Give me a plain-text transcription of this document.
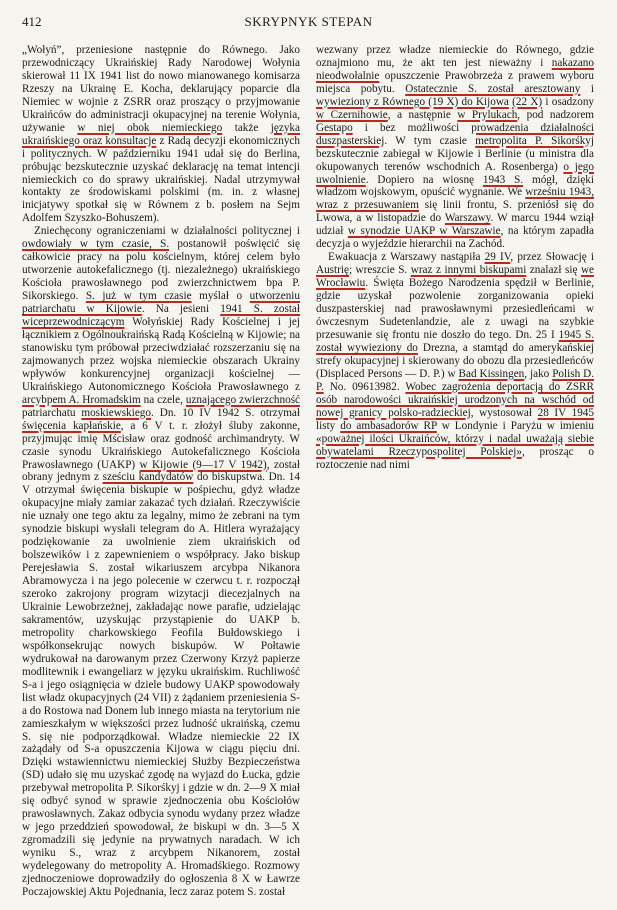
412	SKRYPNYK STEPAN

„Wołyń”, przeniesione następnie do Równego. Jako przewodniczący Ukraińskiej Rady Narodowej Wołynia skierował 11 IX 1941 list do nowo mianowanego komisarza Rzeszy na Ukrainę E. Kocha, deklarujący poparcie dla Niemiec w wojnie z ZSRR oraz proszący o przyjmowanie Ukraińców do administracji okupacyjnej na terenie Wołynia, używanie w niej obok niemieckiego także języka ukraińskiego oraz konsultacje z Radą decyzji ekonomicznych i politycznych. W październiku 1941 udał się do Berlina, próbując bezskutecznie uzyskać deklarację na temat intencji niemieckich co do sprawy ukraińskiej. Nadal utrzymywał kontakty ze środowiskami polskimi (m. in. z własnej inicjatywy spotkał się w Równem z b. posłem na Sejm Adolfem Szyszko-Bohuszem).

Zniechęcony ograniczeniami w działalności politycznej i owdowiały w tym czasie, S. postanowił poświęcić się całkowicie pracy na polu kościelnym, której celem było utworzenie autokefalicznego (tj. niezależnego) ukraińskiego Kościoła prawosławnego pod zwierzchnictwem bpa P. Sikorskiego. S. już w tym czasie myślał o utworzeniu patriarchatu w Kijowie. Na jesieni 1941 S. został wiceprzewodniczącym Wołyńskiej Rady Kościelnej i jej łącznikiem z Ogólnoukraińską Radą Kościelną w Kijowie; na stanowisku tym próbował przeciwdziałać rozszerzaniu się na zajmowanych przez wojska niemieckie obszarach Ukrainy wpływów konkurencyjnej organizacji kościelnej — Ukraińskiego Autonomicznego Kościoła Prawosławnego z arcybpem A. Hromadskim na czele, uznającego zwierzchność patriarchatu moskiewskiego. Dn. 10 IV 1942 S. otrzymał święcenia kapłańskie, a 6 V t. r. złożył śluby zakonne, przyjmując imię Mścisław oraz godność archimandryty. W czasie synodu Ukraińskiego Autokefalicznego Kościoła Prawosławnego (UAKP) w Kijowie (9—17 V 1942), został obrany jednym z sześciu kandydatów do biskupstwa. Dn. 14 V otrzymał święcenia biskupie w pośpiechu, gdyż władze okupacyjne miały zamiar zakazać tych działań. Rzeczywiście nie uznały one tego aktu za legalny, mimo że zebrani na tym synodzie biskupi wysłali telegram do A. Hitlera wyrażający podziękowanie za uwolnienie ziem ukraińskich od bolszewików i z zapewnieniem o współpracy. Jako biskup Perejesławia S. został wikariuszem arcybpa Nikanora Abramowycza i na jego polecenie w czerwcu t. r. rozpoczął szeroko zakrojony program wizytacji diecezjalnych na Ukrainie Lewobrzeżnej, zakładając nowe parafie, udzielając sakramentów, uzyskując przystąpienie do UAKP b. metropolity charkowskiego Feofila Bułdowskiego i współkonsekrując nowych biskupów. W Połtawie wydrukował na darowanym przez Czerwony Krzyż papierze modlitewnik i ewangeliarz w języku ukraińskim. Ruchliwość S-a i jego osiągnięcia w dziele budowy UAKP spowodowały list władz okupacyjnych (24 VII) z żądaniem przeniesienia S-a do Rostowa nad Donem lub innego miasta na terytorium nie zamieszkałym w większości przez ludność ukraińską, czemu S. się nie podporządkował. Władze niemieckie 22 IX zażądały od S-a opuszczenia Kijowa w ciągu pięciu dni. Dzięki wstawiennictwu niemieckiej Służby Bezpieczeństwa (SD) udało się mu uzyskać zgodę na wyjazd do Łucka, gdzie przebywał metropolita P. Sikorśkyj i gdzie w dn. 2—9 X miał się odbyć synod w sprawie zjednoczenia obu Kościołów prawosławnych. Zakaz odbycia synodu wydany przez władze w jego przeddzień spowodował, że biskupi w dn. 3—5 X zgromadzili się jedynie na prywatnych naradach. W ich wyniku S., wraz z arcybpem Nikanorem, został wydelegowany do metropolity A. Hromadśkiego. Rozmowy zjednoczeniowe doprowadziły do ogłoszenia 8 X w Ławrze Poczajowskiej Aktu Pojednania, lecz zaraz potem S. został

wezwany przez władze niemieckie do Równego, gdzie oznajmiono mu, że akt ten jest nieważny i nakazano nieodwołalnie opuszczenie Prawobrzeża z prawem wyboru miejsca pobytu. Ostatecznie S. został aresztowany i wywieziony z Równego (19 X) do Kijowa (22 X) i osadzony w Czernihowie, a następnie w Prylukach, pod nadzorem Gestapo i bez możliwości prowadzenia działalności duszpasterskiej. W tym czasie metropolita P. Sikorśkyj bezskutecznie zabiegał w Kijowie i Berlinie (u ministra dla okupowanych terenów wschodnich A. Rosenberga) o jego uwolnienie. Dopiero na wiosnę 1943 S. mógł, dzięki władzom wojskowym, opuścić wygnanie. We wrześniu 1943, wraz z przesuwaniem się linii frontu, S. przeniósł się do Lwowa, a w listopadzie do Warszawy. W marcu 1944 wziął udział w synodzie UAKP w Warszawie, na którym zapadła decyzja o wyjeździe hierarchii na Zachód.

Ewakuacja z Warszawy nastąpiła 29 IV, przez Słowację i Austrię; wreszcie S. wraz z innymi biskupami znalazł się we Wrocławiu. Święta Bożego Narodzenia spędził w Berlinie, gdzie uzyskał pozwolenie zorganizowania opieki duszpasterskiej nad prawosławnymi przesiedleńcami w ówczesnym Sudetenlandzie, ale z uwagi na szybkie przesuwanie się frontu nie doszło do tego. Dn. 25 I 1945 S. został wywieziony do Drezna, a stamtąd do amerykańskiej strefy okupacyjnej i skierowany do obozu dla przesiedleńców (Displaced Persons — D. P.) w Bad Kissingen, jako Polish D. P. No. 09613982. Wobec zagrożenia deportacją do ZSRR osób narodowości ukraińskiej urodzonych na wschód od nowej granicy polsko-radzieckiej, wystosował 28 IV 1945 listy do ambasadorów RP w Londynie i Paryżu w imieniu «poważnej ilości Ukraińców, którzy i nadal uważają siebie obywatelami Rzeczypospolitej Polskiej», prosząc o roztoczenie nad nimi
